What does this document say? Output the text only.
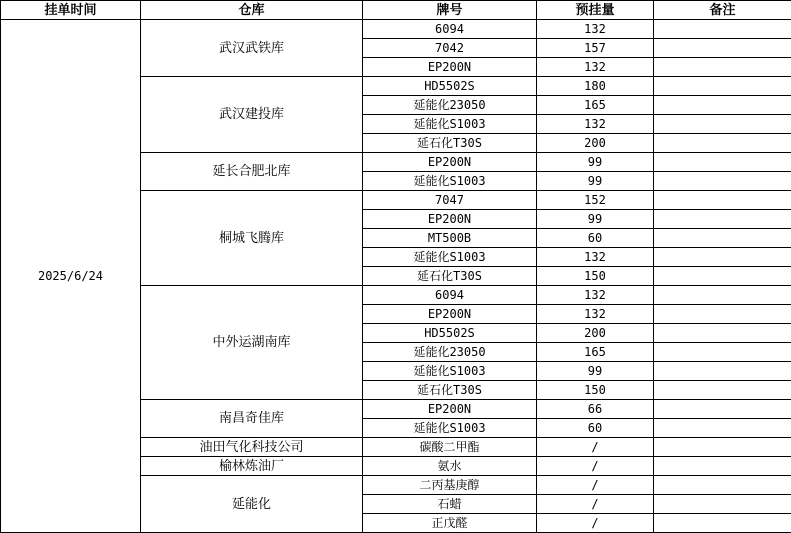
挂单时间	仓库	牌号	预挂量	备注
2025/6/24	武汉武铁库	6094	132	
		7042	157	
		EP200N	132	
	武汉建投库	HD5502S	180	
		延能化23050	165	
		延能化S1003	132	
		延石化T30S	200	
	延长合肥北库	EP200N	99	
		延能化S1003	99	
	桐城飞腾库	7047	152	
		EP200N	99	
		MT500B	60	
		延能化S1003	132	
		延石化T30S	150	
	中外运湖南库	6094	132	
		EP200N	132	
		HD5502S	200	
		延能化23050	165	
		延能化S1003	99	
		延石化T30S	150	
	南昌奇佳库	EP200N	66	
		延能化S1003	60	
	油田气化科技公司	碳酸二甲酯	/	
	榆林炼油厂	氨水	/	
	延能化	二丙基庚醇	/	
		石蜡	/	
		正戊醛	/	
